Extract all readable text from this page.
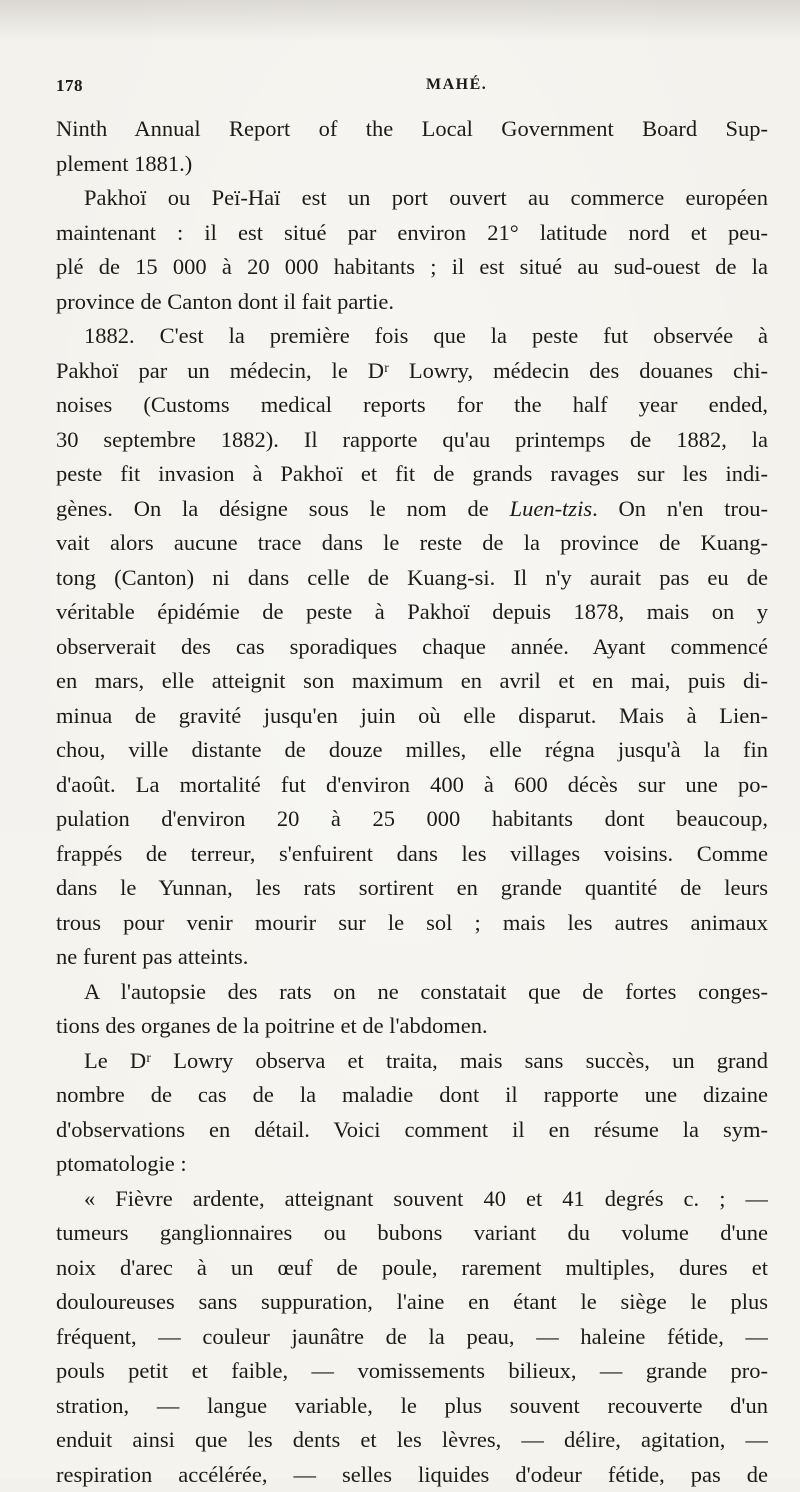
178	MAHÉ.
Ninth Annual Report of the Local Government Board Sup-
plement 1881.)
Pakhoï ou Peï-Haï est un port ouvert au commerce européen
maintenant : il est situé par environ 21° latitude nord et peu-
plé de 15 000 à 20 000 habitants ; il est situé au sud-ouest de la
province de Canton dont il fait partie.
1882. C'est la première fois que la peste fut observée à
Pakhoï par un médecin, le Dʳ Lowry, médecin des douanes chi-
noises (Customs medical reports for the half year ended,
30 septembre 1882). Il rapporte qu'au printemps de 1882, la
peste fit invasion à Pakhoï et fit de grands ravages sur les indi-
gènes. On la désigne sous le nom de Luen-tzis. On n'en trou-
vait alors aucune trace dans le reste de la province de Kuang-
tong (Canton) ni dans celle de Kuang-si. Il n'y aurait pas eu de
véritable épidémie de peste à Pakhoï depuis 1878, mais on y
observerait des cas sporadiques chaque année. Ayant commencé
en mars, elle atteignit son maximum en avril et en mai, puis di-
minua de gravité jusqu'en juin où elle disparut. Mais à Lien-
chou, ville distante de douze milles, elle régna jusqu'à la fin
d'août. La mortalité fut d'environ 400 à 600 décès sur une po-
pulation d'environ 20 à 25 000 habitants dont beaucoup,
frappés de terreur, s'enfuirent dans les villages voisins. Comme
dans le Yunnan, les rats sortirent en grande quantité de leurs
trous pour venir mourir sur le sol ; mais les autres animaux
ne furent pas atteints.
A l'autopsie des rats on ne constatait que de fortes conges-
tions des organes de la poitrine et de l'abdomen.
Le Dʳ Lowry observa et traita, mais sans succès, un grand
nombre de cas de la maladie dont il rapporte une dizaine
d'observations en détail. Voici comment il en résume la sym-
ptomatologie :
« Fièvre ardente, atteignant souvent 40 et 41 degrés c. ; —
tumeurs ganglionnaires ou bubons variant du volume d'une
noix d'arec à un œuf de poule, rarement multiples, dures et
douloureuses sans suppuration, l'aine en étant le siège le plus
fréquent, — couleur jaunâtre de la peau, — haleine fétide, —
pouls petit et faible, — vomissements bilieux, — grande pro-
stration, — langue variable, le plus souvent recouverte d'un
enduit ainsi que les dents et les lèvres, — délire, agitation, —
respiration accélérée, — selles liquides d'odeur fétide, pas de
